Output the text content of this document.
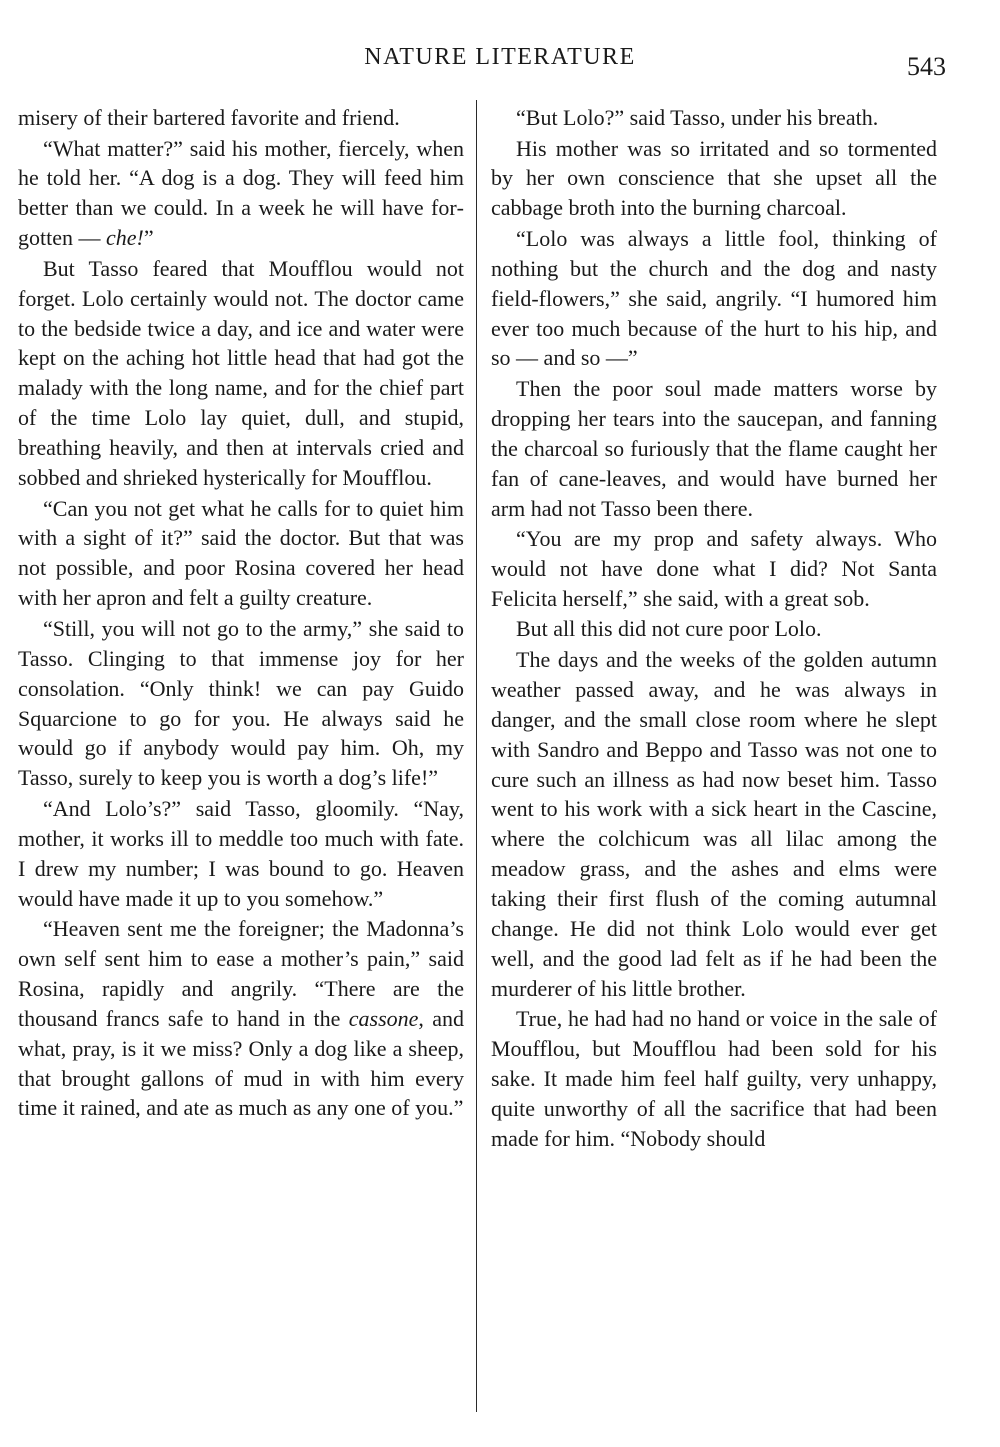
NATURE LITERATURE	543

misery of their bartered favorite and friend.

“What matter?” said his mother, fiercely, when he told her. “A dog is a dog. They will feed him better than we could. In a week he will have forgotten — che!”

But Tasso feared that Moufflou would not forget. Lolo certainly would not. The doctor came to the bedside twice a day, and ice and water were kept on the aching hot little head that had got the malady with the long name, and for the chief part of the time Lolo lay quiet, dull, and stupid, breathing heavily, and then at intervals cried and sobbed and shrieked hysterically for Moufflou.

“Can you not get what he calls for to quiet him with a sight of it?” said the doctor. But that was not possible, and poor Rosina covered her head with her apron and felt a guilty creature.

“Still, you will not go to the army,” she said to Tasso. Clinging to that immense joy for her consolation. “Only think! we can pay Guido Squarcione to go for you. He always said he would go if anybody would pay him. Oh, my Tasso, surely to keep you is worth a dog’s life!”

“And Lolo’s?” said Tasso, gloomily. “Nay, mother, it works ill to meddle too much with fate. I drew my number; I was bound to go. Heaven would have made it up to you somehow.”

“Heaven sent me the foreigner; the Madonna’s own self sent him to ease a mother’s pain,” said Rosina, rapidly and angrily. “There are the thousand francs safe to hand in the cassone, and what, pray, is it we miss? Only a dog like a sheep, that brought gallons of mud in with him every time it rained, and ate as much as any one of you.”

“But Lolo?” said Tasso, under his breath.

His mother was so irritated and so tormented by her own conscience that she upset all the cabbage broth into the burning charcoal.

“Lolo was always a little fool, thinking of nothing but the church and the dog and nasty field-flowers,” she said, angrily. “I humored him ever too much because of the hurt to his hip, and so — and so —”

Then the poor soul made matters worse by dropping her tears into the saucepan, and fanning the charcoal so furiously that the flame caught her fan of cane-leaves, and would have burned her arm had not Tasso been there.

“You are my prop and safety always. Who would not have done what I did? Not Santa Felicita herself,” she said, with a great sob.

But all this did not cure poor Lolo.

The days and the weeks of the golden autumn weather passed away, and he was always in danger, and the small close room where he slept with Sandro and Beppo and Tasso was not one to cure such an illness as had now beset him. Tasso went to his work with a sick heart in the Cascine, where the colchicum was all lilac among the meadow grass, and the ashes and elms were taking their first flush of the coming autumnal change. He did not think Lolo would ever get well, and the good lad felt as if he had been the murderer of his little brother.

True, he had had no hand or voice in the sale of Moufflou, but Moufflou had been sold for his sake. It made him feel half guilty, very unhappy, quite unworthy of all the sacrifice that had been made for him. “Nobody should
